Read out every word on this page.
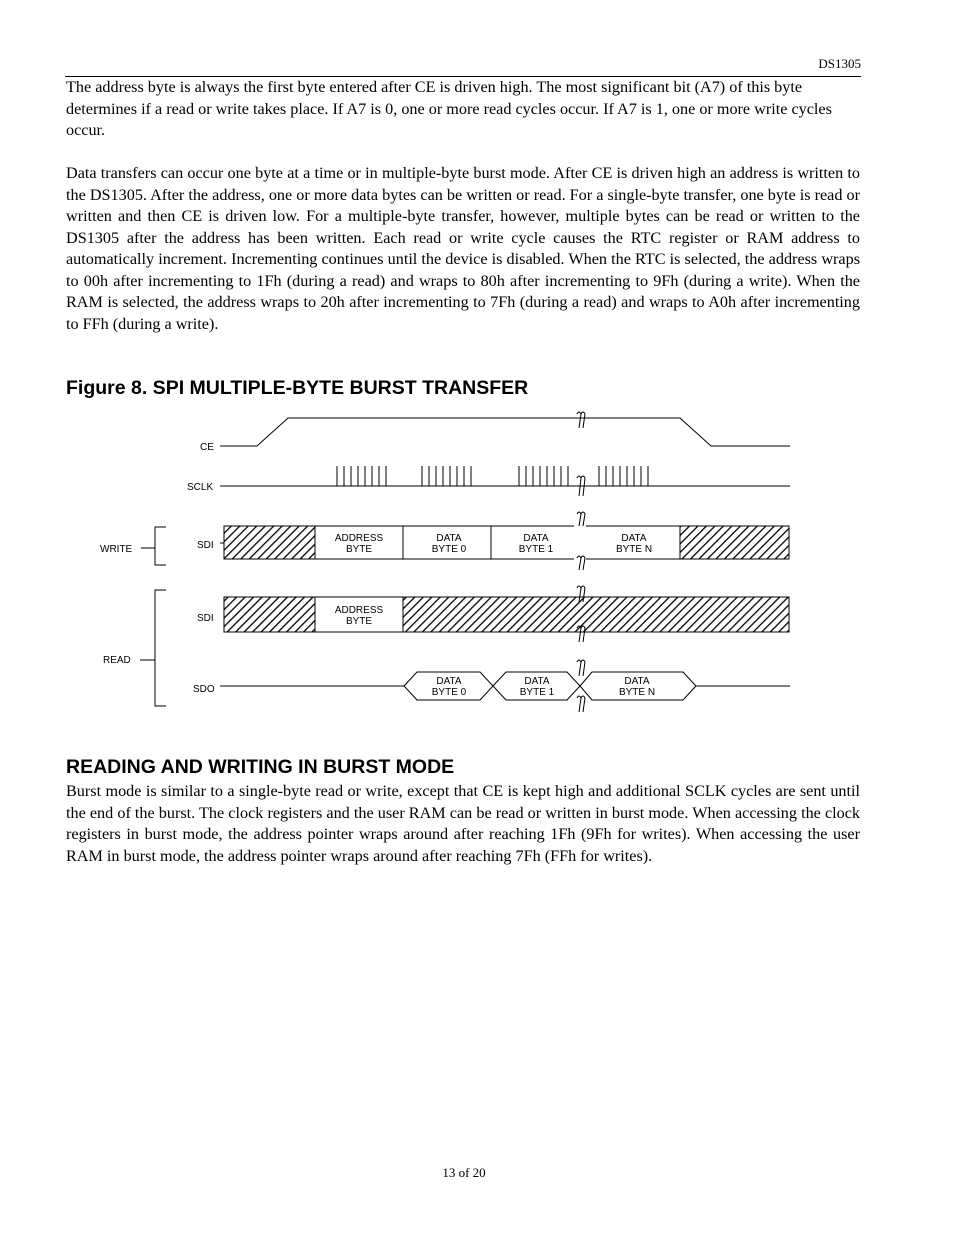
DS1305

The address byte is always the first byte entered after CE is driven high. The most significant bit (A7) of this byte determines if a read or write takes place. If A7 is 0, one or more read cycles occur. If A7 is 1, one or more write cycles occur.

Data transfers can occur one byte at a time or in multiple-byte burst mode. After CE is driven high an address is written to the DS1305. After the address, one or more data bytes can be written or read. For a single-byte transfer, one byte is read or written and then CE is driven low. For a multiple-byte transfer, however, multiple bytes can be read or written to the DS1305 after the address has been written. Each read or write cycle causes the RTC register or RAM address to automatically increment. Incrementing continues until the device is disabled. When the RTC is selected, the address wraps to 00h after incrementing to 1Fh (during a read) and wraps to 80h after incrementing to 9Fh (during a write). When the RAM is selected, the address wraps to 20h after incrementing to 7Fh (during a read) and wraps to A0h after incrementing to FFh (during a write).

Figure 8. SPI MULTIPLE-BYTE BURST TRANSFER
CE
SCLK
SDI
SDI
SDO
WRITE
READ
ADDRESS
BYTE
DATA
BYTE 0
DATA
BYTE 1
DATA
BYTE N
ADDRESS
BYTE
DATA
BYTE 0
DATA
BYTE 1
DATA
BYTE N
READING AND WRITING IN BURST MODE

Burst mode is similar to a single-byte read or write, except that CE is kept high and additional SCLK cycles are sent until the end of the burst. The clock registers and the user RAM can be read or written in burst mode. When accessing the clock registers in burst mode, the address pointer wraps around after reaching 1Fh (9Fh for writes). When accessing the user RAM in burst mode, the address pointer wraps around after reaching 7Fh (FFh for writes).

13 of 20
